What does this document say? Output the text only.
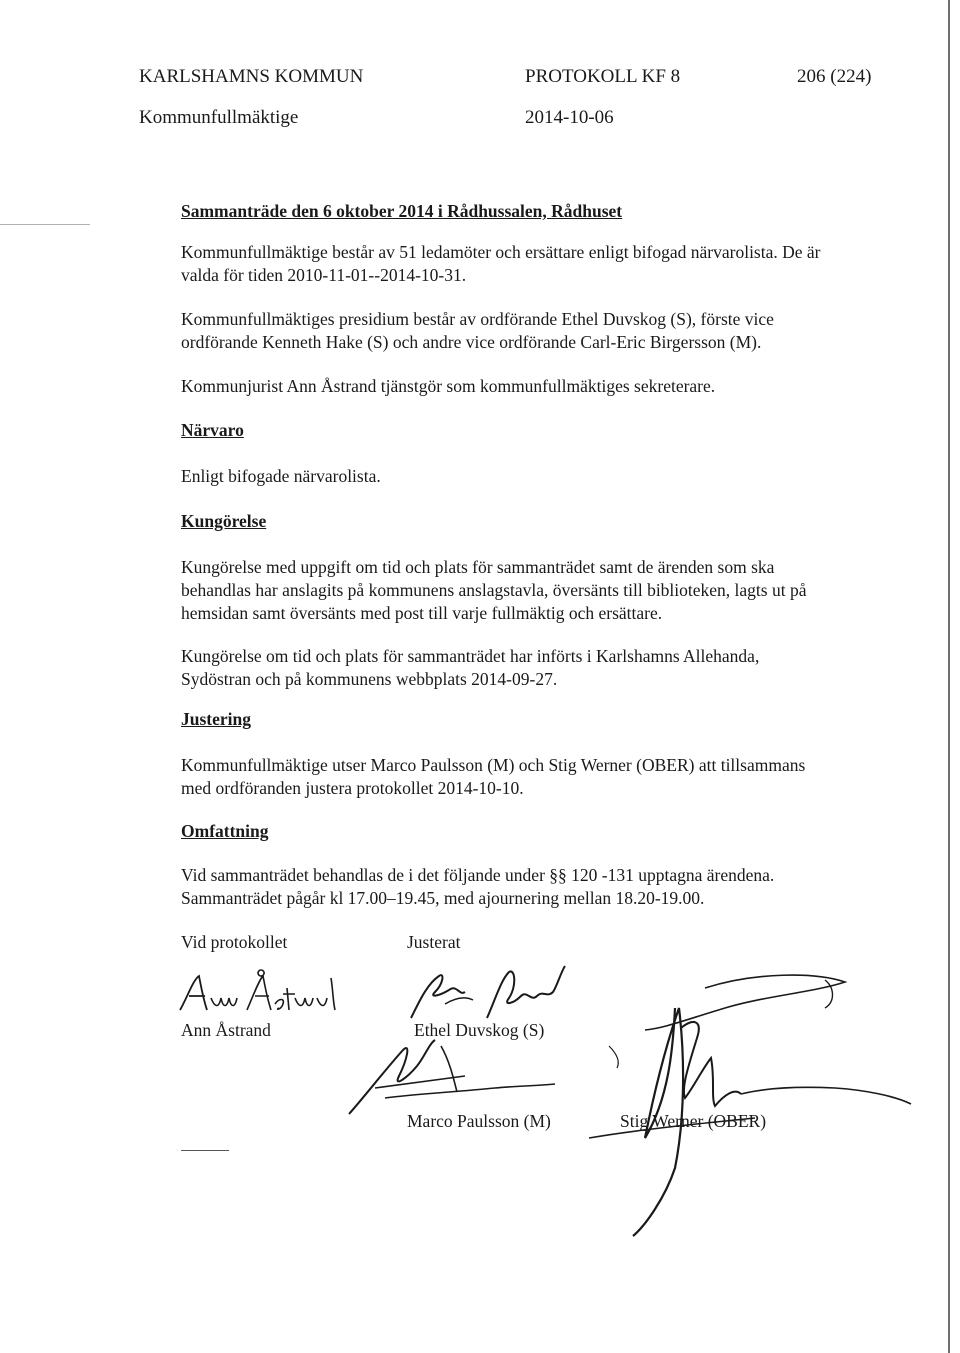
KARLSHAMNS KOMMUN	PROTOKOLL KF 8	206 (224)
Kommunfullmäktige	2014-10-06
Sammanträde den 6 oktober 2014 i Rådhussalen, Rådhuset
Kommunfullmäktige består av 51 ledamöter och ersättare enligt bifogad närvarolista. De är
valda för tiden 2010-11-01--2014-10-31.
Kommunfullmäktiges presidium består av ordförande Ethel Duvskog (S), förste vice
ordförande Kenneth Hake (S) och andre vice ordförande Carl-Eric Birgersson (M).
Kommunjurist Ann Åstrand tjänstgör som kommunfullmäktiges sekreterare.
Närvaro
Enligt bifogade närvarolista.
Kungörelse
Kungörelse med uppgift om tid och plats för sammanträdet samt de ärenden som ska
behandlas har anslagits på kommunens anslagstavla, översänts till biblioteken, lagts ut på
hemsidan samt översänts med post till varje fullmäktig och ersättare.
Kungörelse om tid och plats för sammanträdet har införts i Karlshamns Allehanda,
Sydöstran och på kommunens webbplats 2014-09-27.
Justering
Kommunfullmäktige utser Marco Paulsson (M) och Stig Werner (OBER) att tillsammans
med ordföranden justera protokollet 2014-10-10.
Omfattning
Vid sammanträdet behandlas de i det följande under §§ 120 -131 upptagna ärendena.
Sammanträdet pågår kl 17.00–19.45, med ajournering mellan 18.20-19.00.
Vid protokollet	Justerat
Ann Åstrand	Ethel Duvskog (S)
Marco Paulsson (M)	Stig Werner (OBER)
